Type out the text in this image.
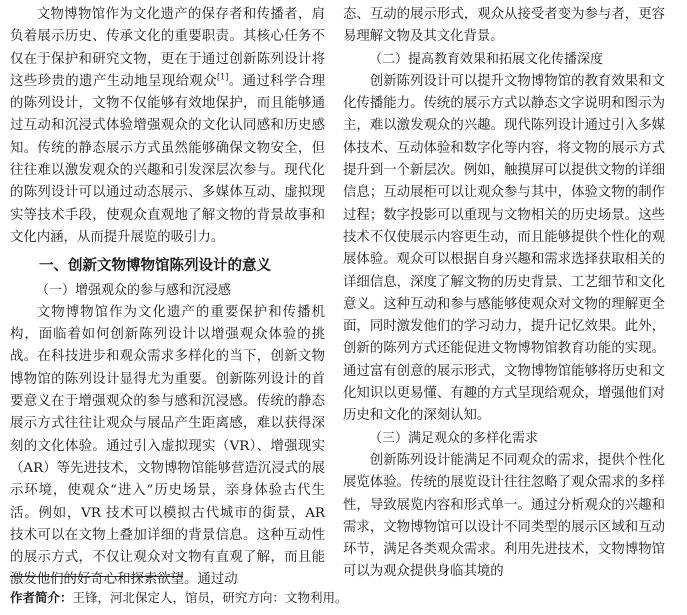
文物博物馆作为文化遗产的保存者和传播者，肩负着展示历史、传承文化的重要职责。其核心任务不仅在于保护和研究文物，更在于通过创新陈列设计将这些珍贵的遗产生动地呈现给观众[1]。通过科学合理的陈列设计，文物不仅能够有效地保护，而且能够通过互动和沉浸式体验增强观众的文化认同感和历史感知。传统的静态展示方式虽然能够确保文物安全，但往往难以激发观众的兴趣和引发深层次参与。现代化的陈列设计可以通过动态展示、多媒体互动、虚拟现实等技术手段，使观众直观地了解文物的背景故事和文化内涵，从而提升展览的吸引力。

一、创新文物博物馆陈列设计的意义
（一）增强观众的参与感和沉浸感

文物博物馆作为文化遗产的重要保护和传播机构，面临着如何创新陈列设计以增强观众体验的挑战。在科技进步和观众需求多样化的当下，创新文物博物馆的陈列设计显得尤为重要。创新陈列设计的首要意义在于增强观众的参与感和沉浸感。传统的静态展示方式往往让观众与展品产生距离感，难以获得深刻的文化体验。通过引入虚拟现实（VR）、增强现实（AR）等先进技术，文物博物馆能够营造沉浸式的展示环境，使观众“进入”历史场景，亲身体验古代生活。例如，VR 技术可以模拟古代城市的街景，AR 技术可以在文物上叠加详细的背景信息。这种互动性的展示方式，不仅让观众对文物有直观了解，而且能激发他们的好奇心和探索欲望。通过动

态、互动的展示形式，观众从接受者变为参与者，更容易理解文物及其文化背景。

（二）提高教育效果和拓展文化传播深度

创新陈列设计可以提升文物博物馆的教育效果和文化传播能力。传统的展示方式以静态文字说明和图示为主，难以激发观众的兴趣。现代陈列设计通过引入多媒体技术、互动体验和数字化等内容，将文物的展示方式提升到一个新层次。例如，触摸屏可以提供文物的详细信息；互动展柜可以让观众参与其中，体验文物的制作过程；数字投影可以重现与文物相关的历史场景。这些技术不仅使展示内容更生动，而且能够提供个性化的观展体验。观众可以根据自身兴趣和需求选择获取相关的详细信息，深度了解文物的历史背景、工艺细节和文化意义。这种互动和参与感能够使观众对文物的理解更全面，同时激发他们的学习动力，提升记忆效果。此外，创新的陈列方式还能促进文物博物馆教育功能的实现。通过富有创意的展示形式，文物博物馆能够将历史和文化知识以更易懂、有趣的方式呈现给观众，增强他们对历史和文化的深刻认知。

（三）满足观众的多样化需求

创新陈列设计能满足不同观众的需求，提供个性化展览体验。传统的展览设计往往忽略了观众需求的多样性，导致展览内容和形式单一。通过分析观众的兴趣和需求，文物博物馆可以设计不同类型的展示区域和互动环节，满足各类观众需求。利用先进技术，文物博物馆可以为观众提供身临其境的

作者简介：王锋，河北保定人，馆员，研究方向：文物利用。
